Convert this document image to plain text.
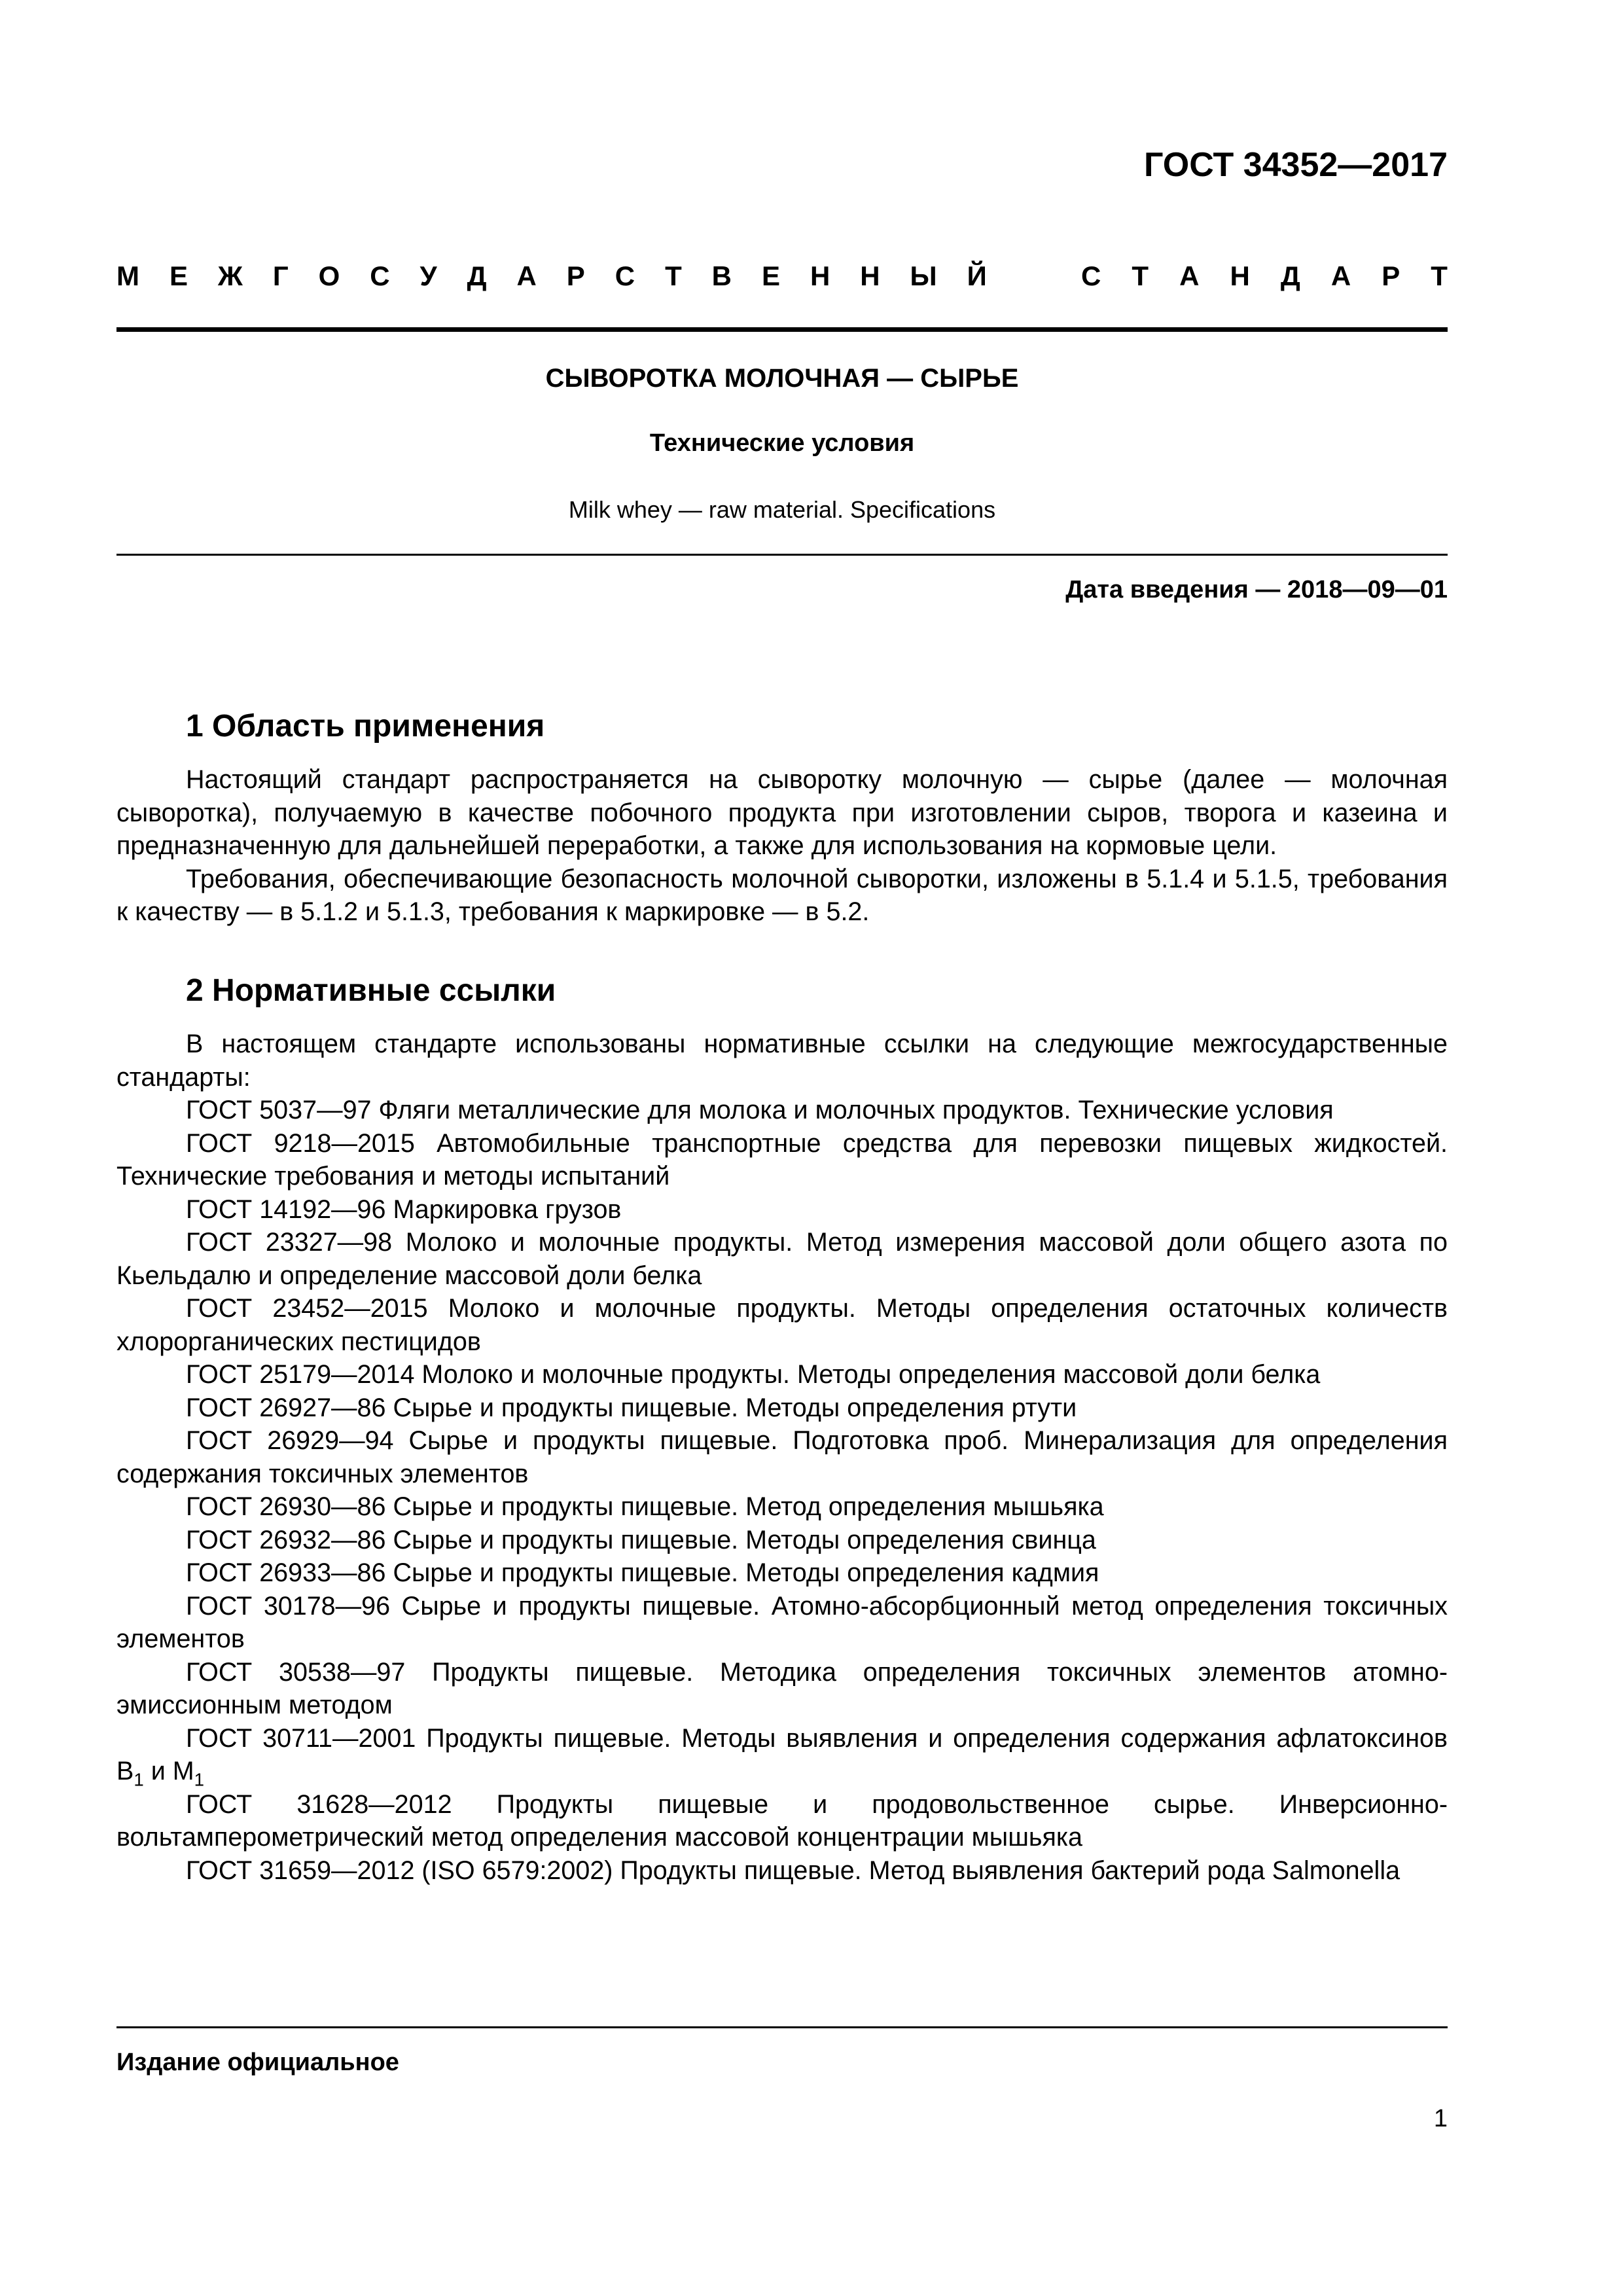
ГОСТ 34352—2017
М Е Ж Г О С У Д А Р С Т В Е Н Н Ы Й	С Т А Н Д А Р Т
СЫВОРОТКА МОЛОЧНАЯ — СЫРЬЕ
Технические условия
Milk whey — raw material. Specifications
Дата введения — 2018—09—01
1 Область применения

Настоящий стандарт распространяется на сыворотку молочную — сырье (далее — молочная сыворотка), получаемую в качестве побочного продукта при изготовлении сыров, творога и казеина и предназначенную для дальнейшей переработки, а также для использования на кормовые цели.

Требования, обеспечивающие безопасность молочной сыворотки, изложены в 5.1.4 и 5.1.5, требования к качеству — в 5.1.2 и 5.1.3, требования к маркировке — в 5.2.

2 Нормативные ссылки

В настоящем стандарте использованы нормативные ссылки на следующие межгосударственные стандарты:

ГОСТ 5037—97 Фляги металлические для молока и молочных продуктов. Технические условия

ГОСТ 9218—2015 Автомобильные транспортные средства для перевозки пищевых жидкостей. Технические требования и методы испытаний

ГОСТ 14192—96 Маркировка грузов

ГОСТ 23327—98 Молоко и молочные продукты. Метод измерения массовой доли общего азота по Кьельдалю и определение массовой доли белка

ГОСТ 23452—2015 Молоко и молочные продукты. Методы определения остаточных количеств хлорорганических пестицидов

ГОСТ 25179—2014 Молоко и молочные продукты. Методы определения массовой доли белка

ГОСТ 26927—86 Сырье и продукты пищевые. Методы определения ртути

ГОСТ 26929—94 Сырье и продукты пищевые. Подготовка проб. Минерализация для определения содержания токсичных элементов

ГОСТ 26930—86 Сырье и продукты пищевые. Метод определения мышьяка

ГОСТ 26932—86 Сырье и продукты пищевые. Методы определения свинца

ГОСТ 26933—86 Сырье и продукты пищевые. Методы определения кадмия

ГОСТ 30178—96 Сырье и продукты пищевые. Атомно-абсорбционный метод определения токсичных элементов

ГОСТ 30538—97 Продукты пищевые. Методика определения токсичных элементов атомно-эмиссионным методом

ГОСТ 30711—2001 Продукты пищевые. Методы выявления и определения содержания афлатоксинов $В_1$ и $М_1$

ГОСТ 31628—2012 Продукты пищевые и продовольственное сырье. Инверсионно-вольтамперометрический метод определения массовой концентрации мышьяка

ГОСТ 31659—2012 (ISO 6579:2002) Продукты пищевые. Метод выявления бактерий рода Salmonella

Издание официальное
1
